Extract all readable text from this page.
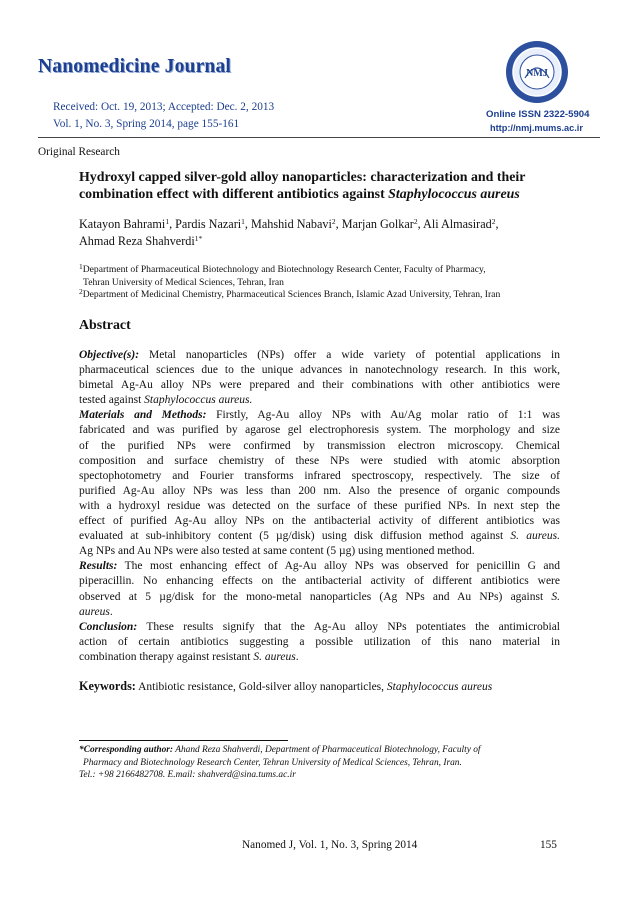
Nanomedicine Journal	NMJ
Received: Oct. 19, 2013; Accepted: Dec. 2, 2013
Vol. 1, No. 3, Spring 2014, page 155-161
Online ISSN 2322-5904
http://nmj.mums.ac.ir
Original Research
Hydroxyl capped silver-gold alloy nanoparticles: characterization and their
combination effect with different antibiotics against Staphylococcus aureus
Katayon Bahrami$^1$, Pardis Nazari$^1$, Mahshid Nabavi$^2$, Marjan Golkar$^2$, Ali Almasirad$^2$,
Ahmad Reza Shahverdi$^{1*}$
$^1$Department of Pharmaceutical Biotechnology and Biotechnology Research Center, Faculty of Pharmacy,
Tehran University of Medical Sciences, Tehran, Iran
$^2$Department of Medicinal Chemistry, Pharmaceutical Sciences Branch, Islamic Azad University, Tehran, Iran
Abstract
Objective(s): Metal nanoparticles (NPs) offer a wide variety of potential applications in
pharmaceutical sciences due to the unique advances in nanotechnology research. In this work,
bimetal Ag-Au alloy NPs were prepared and their combinations with other antibiotics were
tested against Staphylococcus aureus.
Materials and Methods: Firstly, Ag-Au alloy NPs with Au/Ag molar ratio of 1:1 was
fabricated and was purified by agarose gel electrophoresis system. The morphology and size
of the purified NPs were confirmed by transmission electron microscopy. Chemical
composition and surface chemistry of these NPs were studied with atomic absorption
spectophotometry and Fourier transforms infrared spectroscopy, respectively. The size of
purified Ag-Au alloy NPs was less than 200 nm. Also the presence of organic compounds
with a hydroxyl residue was detected on the surface of these purified NPs. In next step the
effect of purified Ag-Au alloy NPs on the antibacterial activity of different antibiotics was
evaluated at sub-inhibitory content (5 µg/disk) using disk diffusion method against S. aureus.
Ag NPs and Au NPs were also tested at same content (5 µg) using mentioned method.
Results: The most enhancing effect of Ag-Au alloy NPs was observed for penicillin G and
piperacillin. No enhancing effects on the antibacterial activity of different antibiotics were
observed at 5 µg/disk for the mono-metal nanoparticles (Ag NPs and Au NPs) against S.
aureus.
Conclusion: These results signify that the Ag-Au alloy NPs potentiates the antimicrobial
action of certain antibiotics suggesting a possible utilization of this nano material in
combination therapy against resistant S. aureus.
Keywords: Antibiotic resistance, Gold-silver alloy nanoparticles, Staphylococcus aureus
*Corresponding author: Ahand Reza Shahverdi, Department of Pharmaceutical Biotechnology, Faculty of
Pharmacy and Biotechnology Research Center, Tehran University of Medical Sciences, Tehran, Iran.
Tel.: +98 2166482708. E.mail: shahverd@sina.tums.ac.ir
Nanomed J, Vol. 1, No. 3, Spring 2014	155
